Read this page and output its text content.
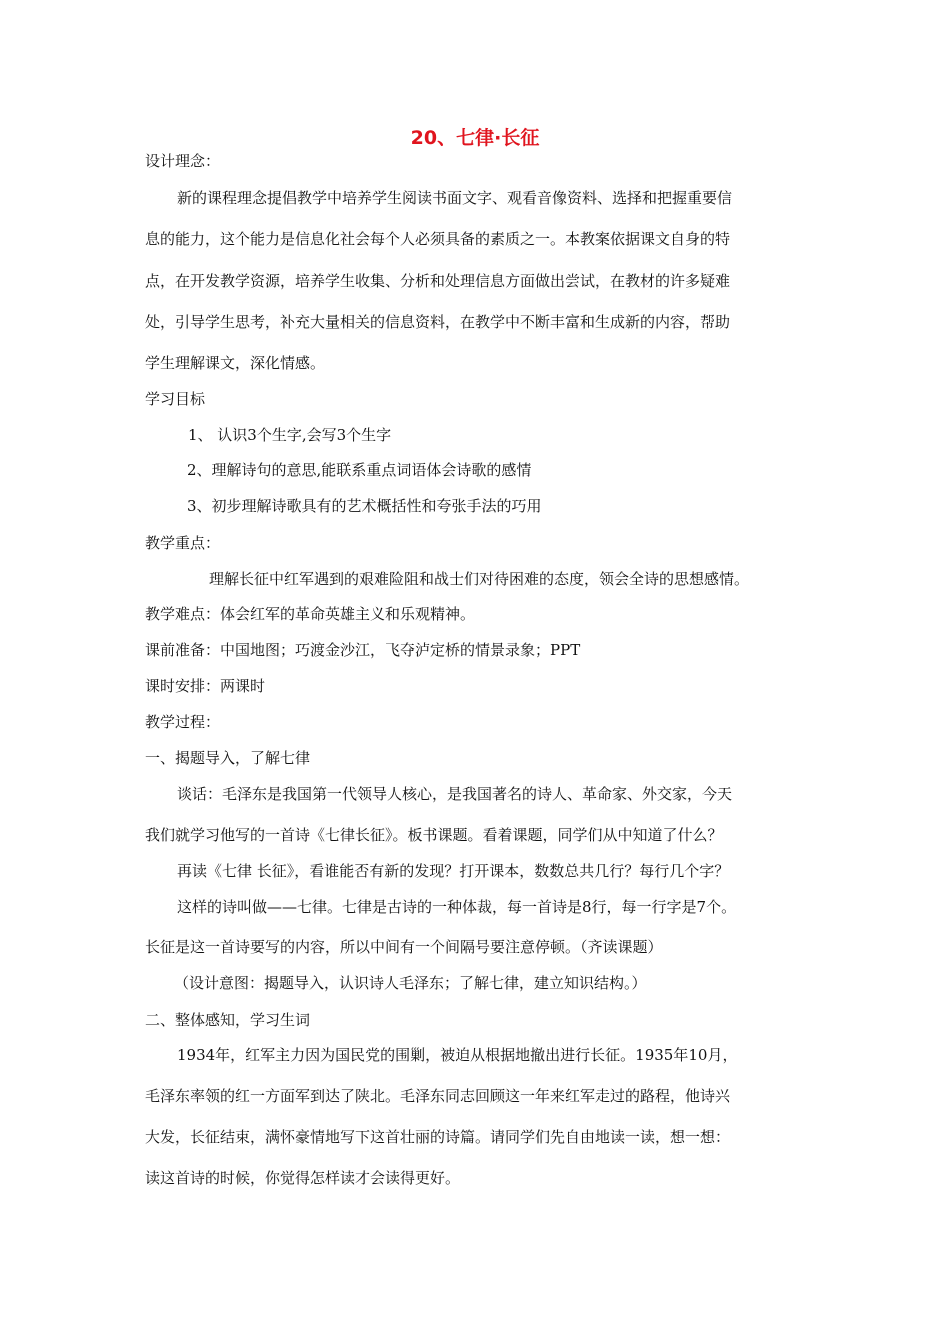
20、七律·长征
设计理念：
新的课程理念提倡教学中培养学生阅读书面文字、观看音像资料、选择和把握重要信
息的能力，这个能力是信息化社会每个人必须具备的素质之一。本教案依据课文自身的特
点，在开发教学资源，培养学生收集、分析和处理信息方面做出尝试，在教材的许多疑难
处，引导学生思考，补充大量相关的信息资料，在教学中不断丰富和生成新的内容，帮助
学生理解课文，深化情感。
学习目标
1、 认识3个生字,会写3个生字
2、理解诗句的意思,能联系重点词语体会诗歌的感情
3、初步理解诗歌具有的艺术概括性和夸张手法的巧用
教学重点：
理解长征中红军遇到的艰难险阻和战士们对待困难的态度，领会全诗的思想感情。
教学难点：体会红军的革命英雄主义和乐观精神。
课前准备：中国地图；巧渡金沙江，飞夺泸定桥的情景录象；PPT
课时安排：两课时
教学过程：
一、揭题导入，了解七律
谈话：毛泽东是我国第一代领导人核心，是我国著名的诗人、革命家、外交家，今天
我们就学习他写的一首诗《七律长征》。板书课题。看着课题，同学们从中知道了什么？
再读《七律 长征》，看谁能否有新的发现？打开课本，数数总共几行？每行几个字？
这样的诗叫做——七律。七律是古诗的一种体裁，每一首诗是8行，每一行字是7个。
长征是这一首诗要写的内容，所以中间有一个间隔号要注意停顿。（齐读课题）
（设计意图：揭题导入，认识诗人毛泽东；了解七律，建立知识结构。）
二、整体感知，学习生词
1934年，红军主力因为国民党的围剿，被迫从根据地撤出进行长征。1935年10月，
毛泽东率领的红一方面军到达了陕北。毛泽东同志回顾这一年来红军走过的路程，他诗兴
大发，长征结束，满怀豪情地写下这首壮丽的诗篇。请同学们先自由地读一读，想一想：
读这首诗的时候，你觉得怎样读才会读得更好。
